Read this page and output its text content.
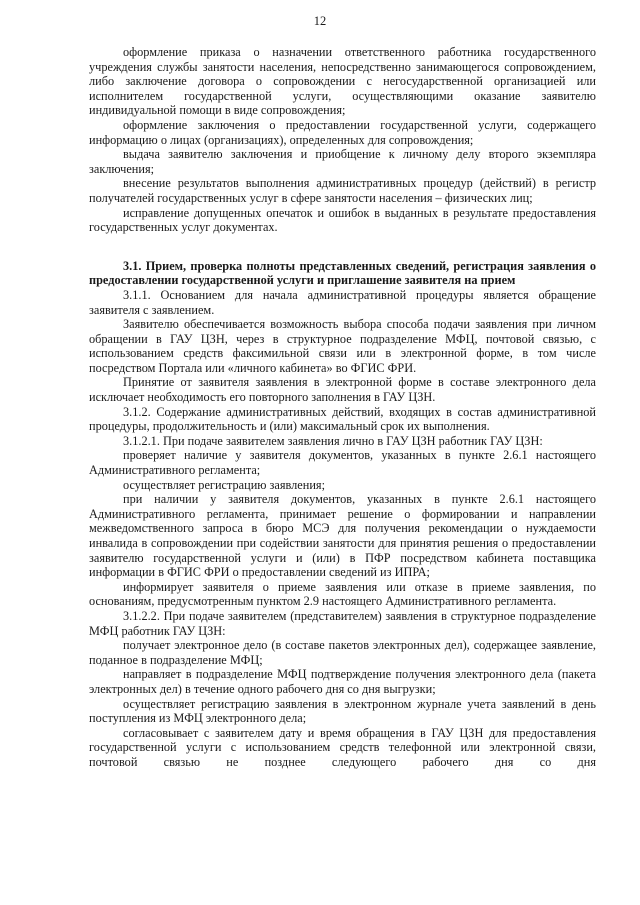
12

оформление приказа о назначении ответственного работника государственного учреждения службы занятости населения, непосредственно занимающегося сопровождением, либо заключение договора о сопровождении с негосударственной организацией или исполнителем государственной услуги, осуществляющими оказание заявителю индивидуальной помощи в виде сопровождения;

оформление заключения о предоставлении государственной услуги, содержащего информацию о лицах (организациях), определенных для сопровождения;

выдача заявителю заключения и приобщение к личному делу второго экземпляра заключения;

внесение результатов выполнения административных процедур (действий) в регистр получателей государственных услуг в сфере занятости населения – физических лиц;

исправление допущенных опечаток и ошибок в выданных в результате предоставления государственных услуг документах.

3.1. Прием, проверка полноты представленных сведений, регистрация заявления о предоставлении государственной услуги и приглашение заявителя на прием

3.1.1. Основанием для начала административной процедуры является обращение заявителя с заявлением.

Заявителю обеспечивается возможность выбора способа подачи заявления при личном обращении в ГАУ ЦЗН, через в структурное подразделение МФЦ, почтовой связью, с использованием средств факсимильной связи или в электронной форме, в том числе посредством Портала или «личного кабинета» во ФГИС ФРИ.

Принятие от заявителя заявления в электронной форме в составе электронного дела исключает необходимость его повторного заполнения в ГАУ ЦЗН.

3.1.2. Содержание административных действий, входящих в состав административной процедуры, продолжительность и (или) максимальный срок их выполнения.

3.1.2.1. При подаче заявителем заявления лично в ГАУ ЦЗН работник ГАУ ЦЗН:

проверяет наличие у заявителя документов, указанных в пункте 2.6.1 настоящего Административного регламента;

осуществляет регистрацию заявления;

при наличии у заявителя документов, указанных в пункте 2.6.1 настоящего Административного регламента, принимает решение о формировании и направлении межведомственного запроса в бюро МСЭ для получения рекомендации о нуждаемости инвалида в сопровождении при содействии занятости для принятия решения о предоставлении заявителю государственной услуги и (или) в ПФР посредством кабинета поставщика информации в ФГИС ФРИ о предоставлении сведений из ИПРА;

информирует заявителя о приеме заявления или отказе в приеме заявления, по основаниям, предусмотренным пунктом 2.9 настоящего Административного регламента.

3.1.2.2. При подаче заявителем (представителем) заявления в структурное подразделение МФЦ работник ГАУ ЦЗН:

получает электронное дело (в составе пакетов электронных дел), содержащее заявление, поданное в подразделение МФЦ;

направляет в подразделение МФЦ подтверждение получения электронного дела (пакета электронных дел) в течение одного рабочего дня со дня выгрузки;

осуществляет регистрацию заявления в электронном журнале учета заявлений в день поступления из МФЦ электронного дела;

согласовывает с заявителем дату и время обращения в ГАУ ЦЗН для предоставления государственной услуги с использованием средств телефонной или электронной связи, почтовой связью не позднее следующего рабочего дня со дня
